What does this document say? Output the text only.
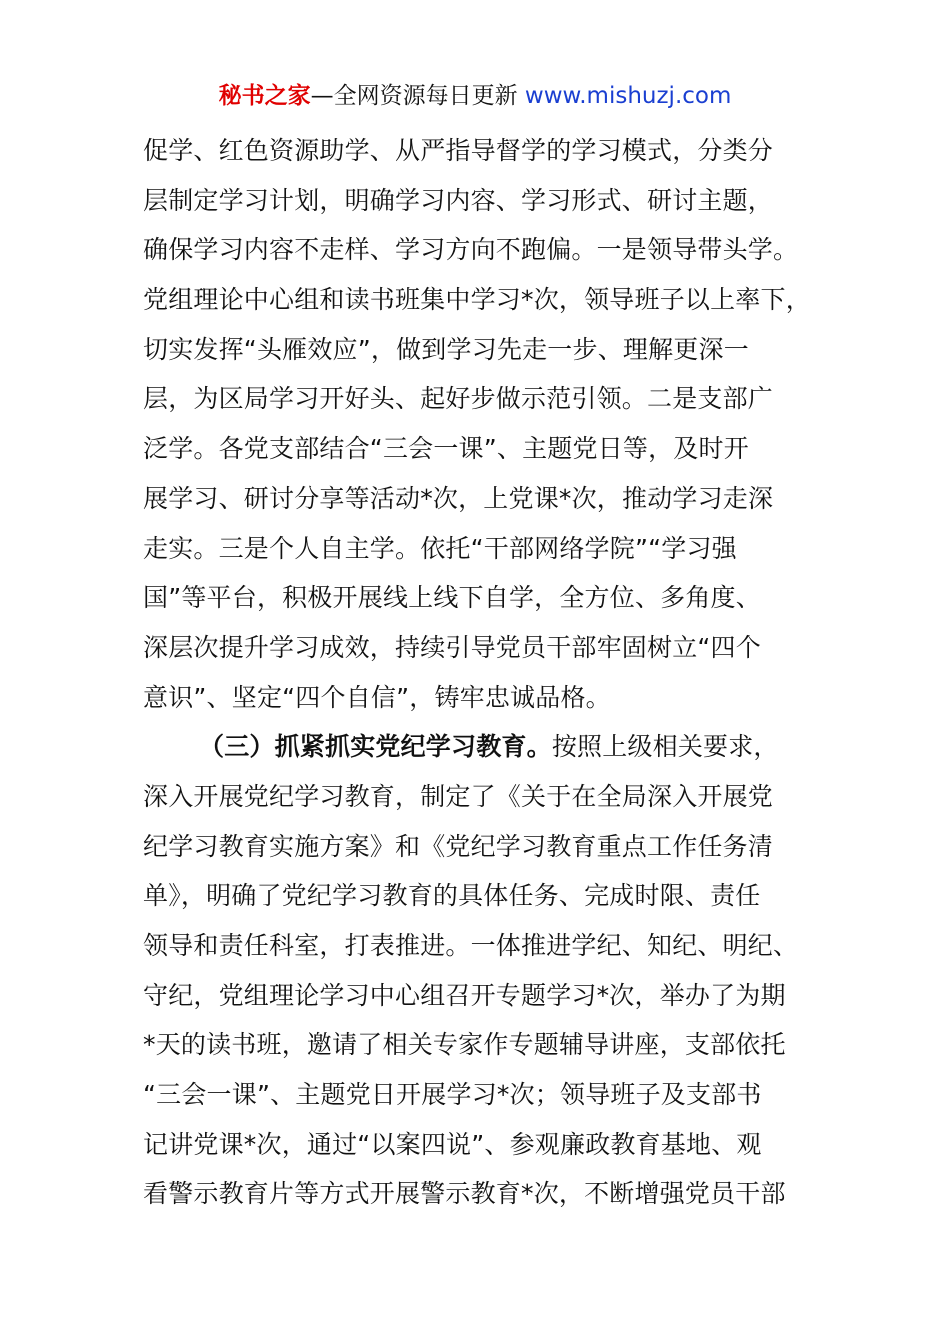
秘书之家—全网资源每日更新 www.mishuzj.com
促学、红色资源助学、从严指导督学的学习模式，分类分
层制定学习计划，明确学习内容、学习形式、研讨主题，
确保学习内容不走样、学习方向不跑偏。一是领导带头学。
党组理论中心组和读书班集中学习*次，领导班子以上率下，
切实发挥“头雁效应”，做到学习先走一步、理解更深一
层，为区局学习开好头、起好步做示范引领。二是支部广
泛学。各党支部结合“三会一课”、主题党日等，及时开
展学习、研讨分享等活动*次，上党课*次，推动学习走深
走实。三是个人自主学。依托“干部网络学院”“学习强
国”等平台，积极开展线上线下自学，全方位、多角度、
深层次提升学习成效，持续引导党员干部牢固树立“四个
意识”、坚定“四个自信”，铸牢忠诚品格。
（三）抓紧抓实党纪学习教育。按照上级相关要求，
深入开展党纪学习教育，制定了《关于在全局深入开展党
纪学习教育实施方案》和《党纪学习教育重点工作任务清
单》，明确了党纪学习教育的具体任务、完成时限、责任
领导和责任科室，打表推进。一体推进学纪、知纪、明纪、
守纪，党组理论学习中心组召开专题学习*次，举办了为期
*天的读书班，邀请了相关专家作专题辅导讲座，支部依托
“三会一课”、主题党日开展学习*次；领导班子及支部书
记讲党课*次，通过“以案四说”、参观廉政教育基地、观
看警示教育片等方式开展警示教育*次，不断增强党员干部
